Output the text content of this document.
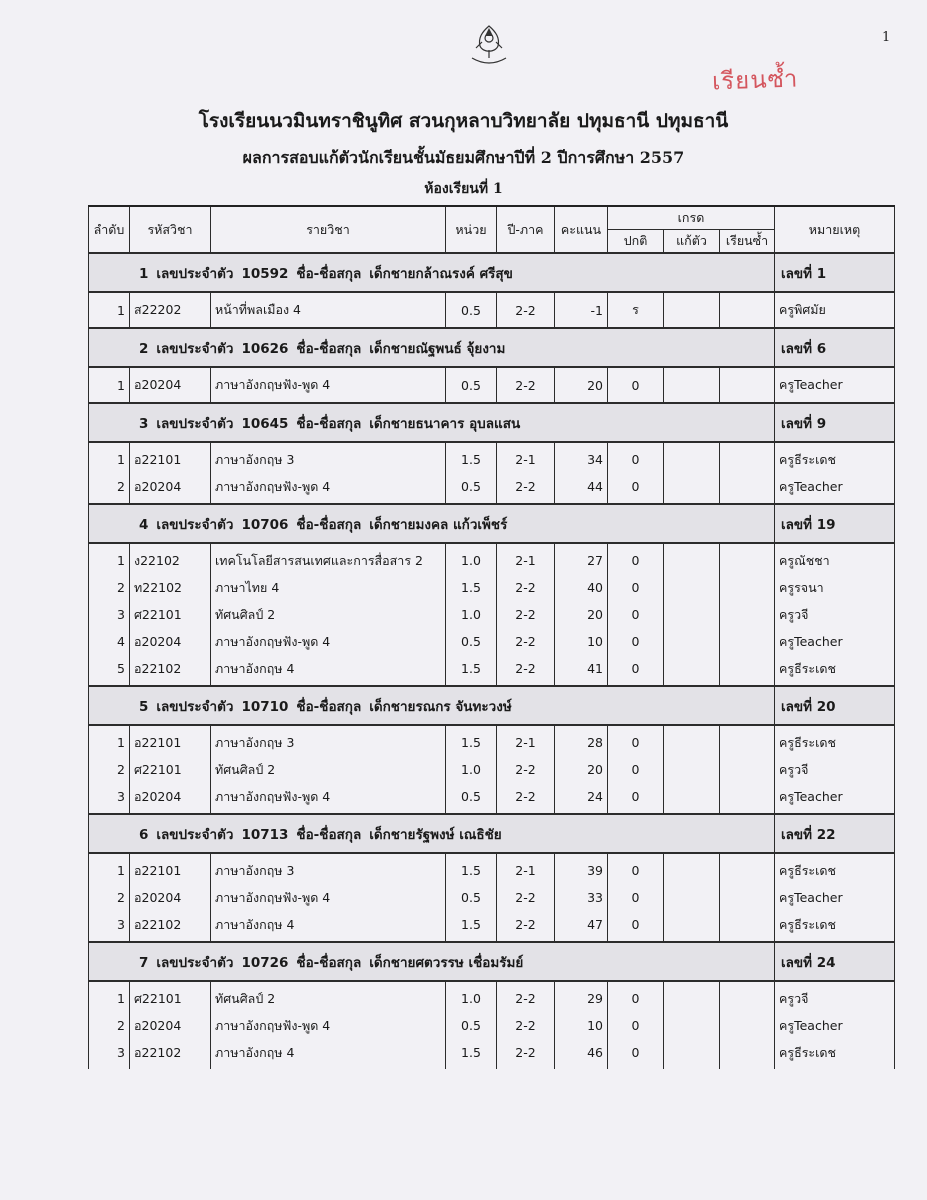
1
เรียนซ้ำ
โรงเรียนนวมินทราชินูทิศ สวนกุหลาบวิทยาลัย ปทุมธานี ปทุมธานี
ผลการสอบแก้ตัวนักเรียนชั้นมัธยมศึกษาปีที่ 2 ปีการศึกษา 2557
ห้องเรียนที่ 1
ลำดับ	รหัสวิชา	รายวิชา	หน่วย	ปี-ภาค	คะแนน	เกรด			หมายเหตุ
						ปกติ	แก้ตัว	เรียนซ้ำ	
1 เลขประจำตัว 10592 ชื่อ-ชื่อสกุล เด็กชายกล้าณรงค์ ศรีสุข									เลขที่ 1
1	ส22202	หน้าที่พลเมือง 4	0.5	2-2	-1	ร			ครูพิศมัย
2 เลขประจำตัว 10626 ชื่อ-ชื่อสกุล เด็กชายณัฐพนธ์ จุ้ยงาม									เลขที่ 6
1	อ20204	ภาษาอังกฤษฟัง-พูด 4	0.5	2-2	20	0			ครูTeacher
3 เลขประจำตัว 10645 ชื่อ-ชื่อสกุล เด็กชายธนาคาร อุบลแสน									เลขที่ 9
1	อ22101	ภาษาอังกฤษ 3	1.5	2-1	34	0			ครูธีระเดช
2	อ20204	ภาษาอังกฤษฟัง-พูด 4	0.5	2-2	44	0			ครูTeacher
4 เลขประจำตัว 10706 ชื่อ-ชื่อสกุล เด็กชายมงคล แก้วเพ็ชร์									เลขที่ 19
1	ง22102	เทคโนโลยีสารสนเทศและการสื่อสาร 2	1.0	2-1	27	0			ครูณัชชา
2	ท22102	ภาษาไทย 4	1.5	2-2	40	0			ครูรจนา
3	ศ22101	ทัศนศิลป์ 2	1.0	2-2	20	0			ครูวจี
4	อ20204	ภาษาอังกฤษฟัง-พูด 4	0.5	2-2	10	0			ครูTeacher
5	อ22102	ภาษาอังกฤษ 4	1.5	2-2	41	0			ครูธีระเดช
5 เลขประจำตัว 10710 ชื่อ-ชื่อสกุล เด็กชายรณกร จันทะวงษ์									เลขที่ 20
1	อ22101	ภาษาอังกฤษ 3	1.5	2-1	28	0			ครูธีระเดช
2	ศ22101	ทัศนศิลป์ 2	1.0	2-2	20	0			ครูวจี
3	อ20204	ภาษาอังกฤษฟัง-พูด 4	0.5	2-2	24	0			ครูTeacher
6 เลขประจำตัว 10713 ชื่อ-ชื่อสกุล เด็กชายรัฐพงษ์ เณธิชัย									เลขที่ 22
1	อ22101	ภาษาอังกฤษ 3	1.5	2-1	39	0			ครูธีระเดช
2	อ20204	ภาษาอังกฤษฟัง-พูด 4	0.5	2-2	33	0			ครูTeacher
3	อ22102	ภาษาอังกฤษ 4	1.5	2-2	47	0			ครูธีระเดช
7 เลขประจำตัว 10726 ชื่อ-ชื่อสกุล เด็กชายศตวรรษ เชื่อมรัมย์									เลขที่ 24
1	ศ22101	ทัศนศิลป์ 2	1.0	2-2	29	0			ครูวจี
2	อ20204	ภาษาอังกฤษฟัง-พูด 4	0.5	2-2	10	0			ครูTeacher
3	อ22102	ภาษาอังกฤษ 4	1.5	2-2	46	0			ครูธีระเดช
